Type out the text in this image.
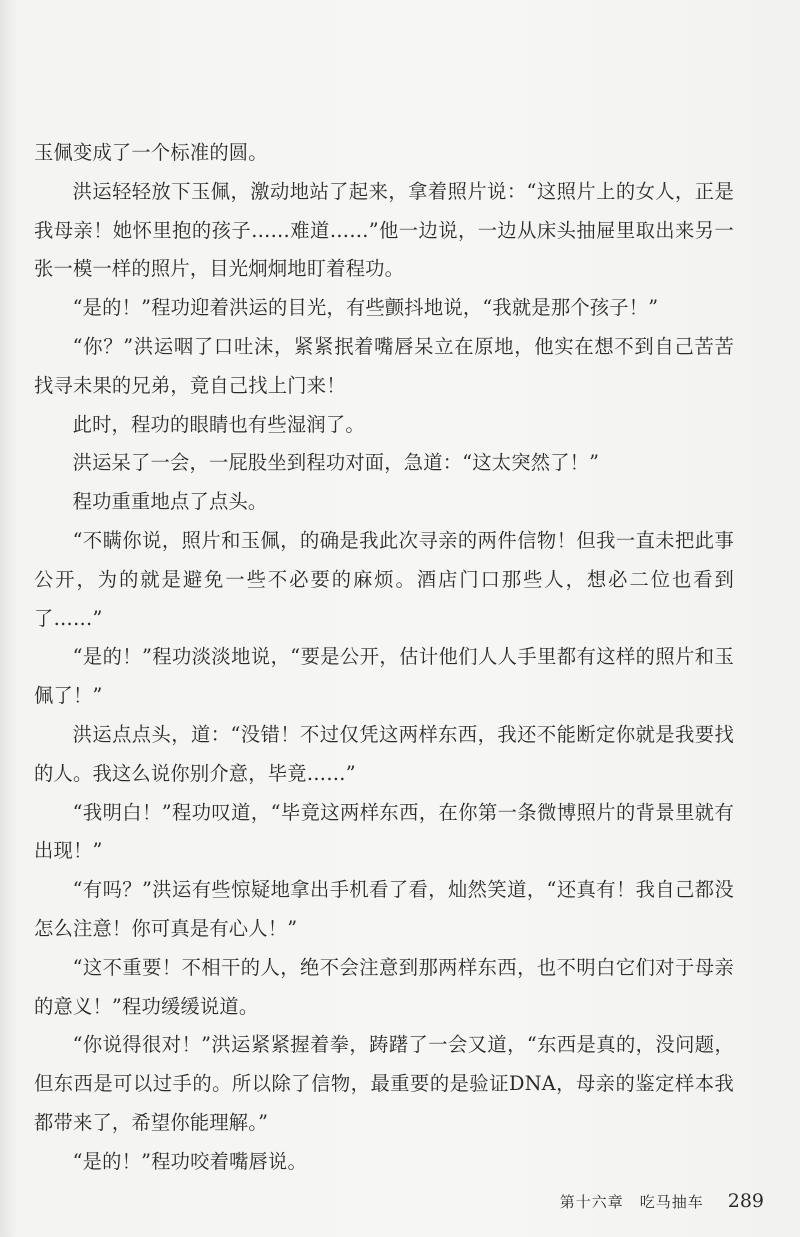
玉佩变成了一个标准的圆。

洪运轻轻放下玉佩，激动地站了起来，拿着照片说：“这照片上的女人，正是我母亲！她怀里抱的孩子……难道……”他一边说，一边从床头抽屉里取出来另一张一模一样的照片，目光炯炯地盯着程功。

“是的！”程功迎着洪运的目光，有些颤抖地说，“我就是那个孩子！”

“你？”洪运咽了口吐沫，紧紧抿着嘴唇呆立在原地，他实在想不到自己苦苦找寻未果的兄弟，竟自己找上门来！

此时，程功的眼睛也有些湿润了。

洪运呆了一会，一屁股坐到程功对面，急道：“这太突然了！”

程功重重地点了点头。

“不瞒你说，照片和玉佩，的确是我此次寻亲的两件信物！但我一直未把此事公开，为的就是避免一些不必要的麻烦。酒店门口那些人，想必二位也看到了……”

“是的！”程功淡淡地说，“要是公开，估计他们人人手里都有这样的照片和玉佩了！”

洪运点点头，道：“没错！不过仅凭这两样东西，我还不能断定你就是我要找的人。我这么说你别介意，毕竟……”

“我明白！”程功叹道，“毕竟这两样东西，在你第一条微博照片的背景里就有出现！”

“有吗？”洪运有些惊疑地拿出手机看了看，灿然笑道，“还真有！我自己都没怎么注意！你可真是有心人！”

“这不重要！不相干的人，绝不会注意到那两样东西，也不明白它们对于母亲的意义！”程功缓缓说道。

“你说得很对！”洪运紧紧握着拳，踌躇了一会又道，“东西是真的，没问题，但东西是可以过手的。所以除了信物，最重要的是验证DNA，母亲的鉴定样本我都带来了，希望你能理解。”

“是的！”程功咬着嘴唇说。

第十六章　吃马抽车 289
